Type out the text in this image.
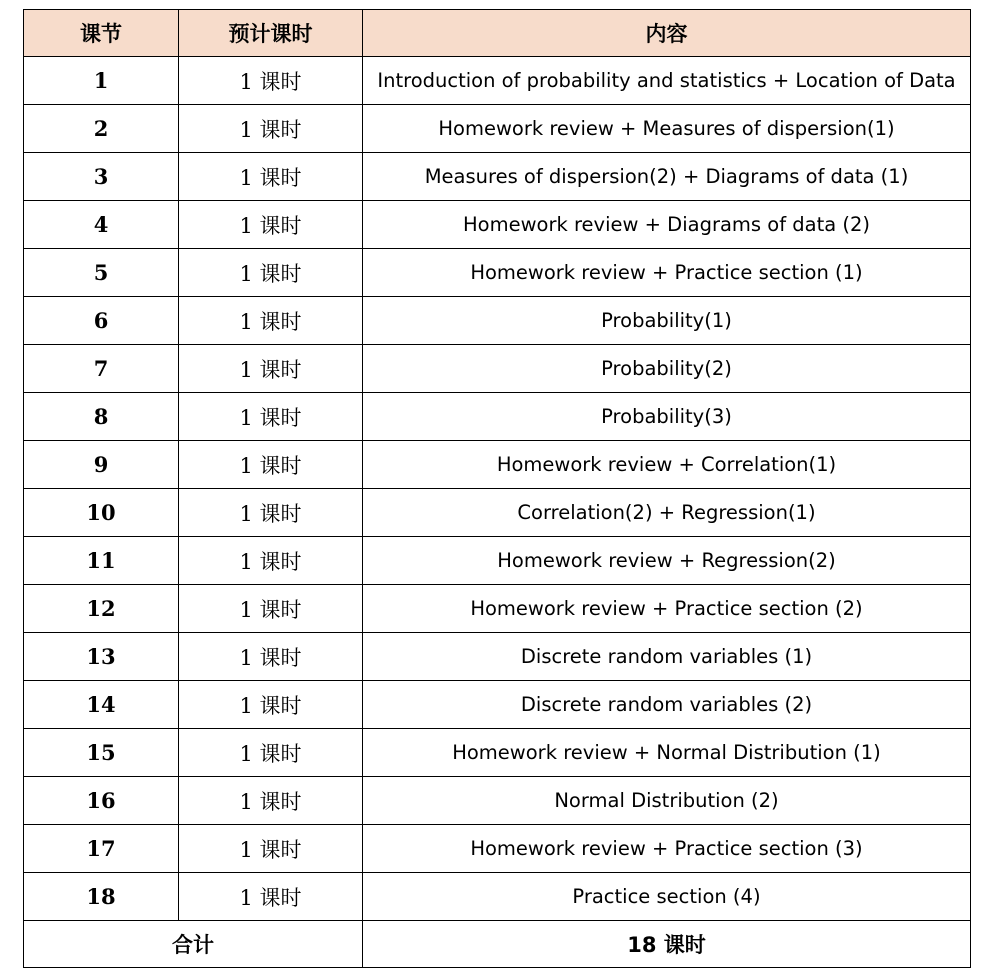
课节	预计课时	内容
1	1 课时	Introduction of probability and statistics + Location of Data
2	1 课时	Homework review + Measures of dispersion(1)
3	1 课时	Measures of dispersion(2) + Diagrams of data (1)
4	1 课时	Homework review + Diagrams of data (2)
5	1 课时	Homework review + Practice section (1)
6	1 课时	Probability(1)
7	1 课时	Probability(2)
8	1 课时	Probability(3)
9	1 课时	Homework review + Correlation(1)
10	1 课时	Correlation(2) + Regression(1)
11	1 课时	Homework review + Regression(2)
12	1 课时	Homework review + Practice section (2)
13	1 课时	Discrete random variables (1)
14	1 课时	Discrete random variables (2)
15	1 课时	Homework review + Normal Distribution (1)
16	1 课时	Normal Distribution (2)
17	1 课时	Homework review + Practice section (3)
18	1 课时	Practice section (4)
合计		18 课时
